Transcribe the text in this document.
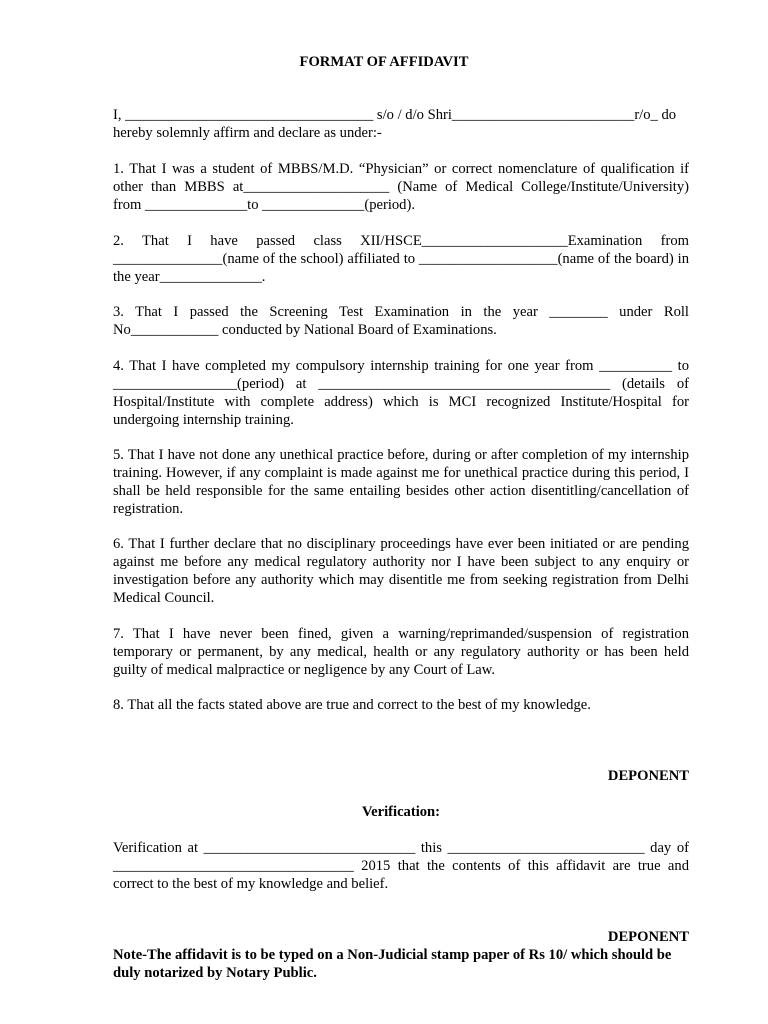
FORMAT OF AFFIDAVIT

I, __________________________________ s/o / d/o Shri_________________________r/o_ do hereby solemnly affirm and declare as under:-

1. That I was a student of MBBS/M.D. “Physician” or correct nomenclature of qualification if other than MBBS at____________________ (Name of Medical College/Institute/University) from ______________to ______________(period).

2. That I have passed class XII/HSCE____________________Examination from _______________(name of the school) affiliated to ___________________(name of the board) in the year______________.

3. That I passed the Screening Test Examination in the year ________ under Roll No____________ conducted by National Board of Examinations.

4. That I have completed my compulsory internship training for one year from __________ to _________________(period) at ________________________________________ (details of Hospital/Institute with complete address) which is MCI recognized Institute/Hospital for undergoing internship training.

5. That I have not done any unethical practice before, during or after completion of my internship training. However, if any complaint is made against me for unethical practice during this period, I shall be held responsible for the same entailing besides other action disentitling/cancellation of registration.

6. That I further declare that no disciplinary proceedings have ever been initiated or are pending against me before any medical regulatory authority nor I have been subject to any enquiry or investigation before any authority which may disentitle me from seeking registration from Delhi Medical Council.

7. That I have never been fined, given a warning/reprimanded/suspension of registration temporary or permanent, by any medical, health or any regulatory authority or has been held guilty of medical malpractice or negligence by any Court of Law.

8. That all the facts stated above are true and correct to the best of my knowledge.

DEPONENT
Verification:

Verification at _____________________________ this ___________________________ day of _________________________________ 2015 that the contents of this affidavit are true and correct to the best of my knowledge and belief.

DEPONENT

Note-The affidavit is to be typed on a Non-Judicial stamp paper of Rs 10/ which should be duly notarized by Notary Public.
